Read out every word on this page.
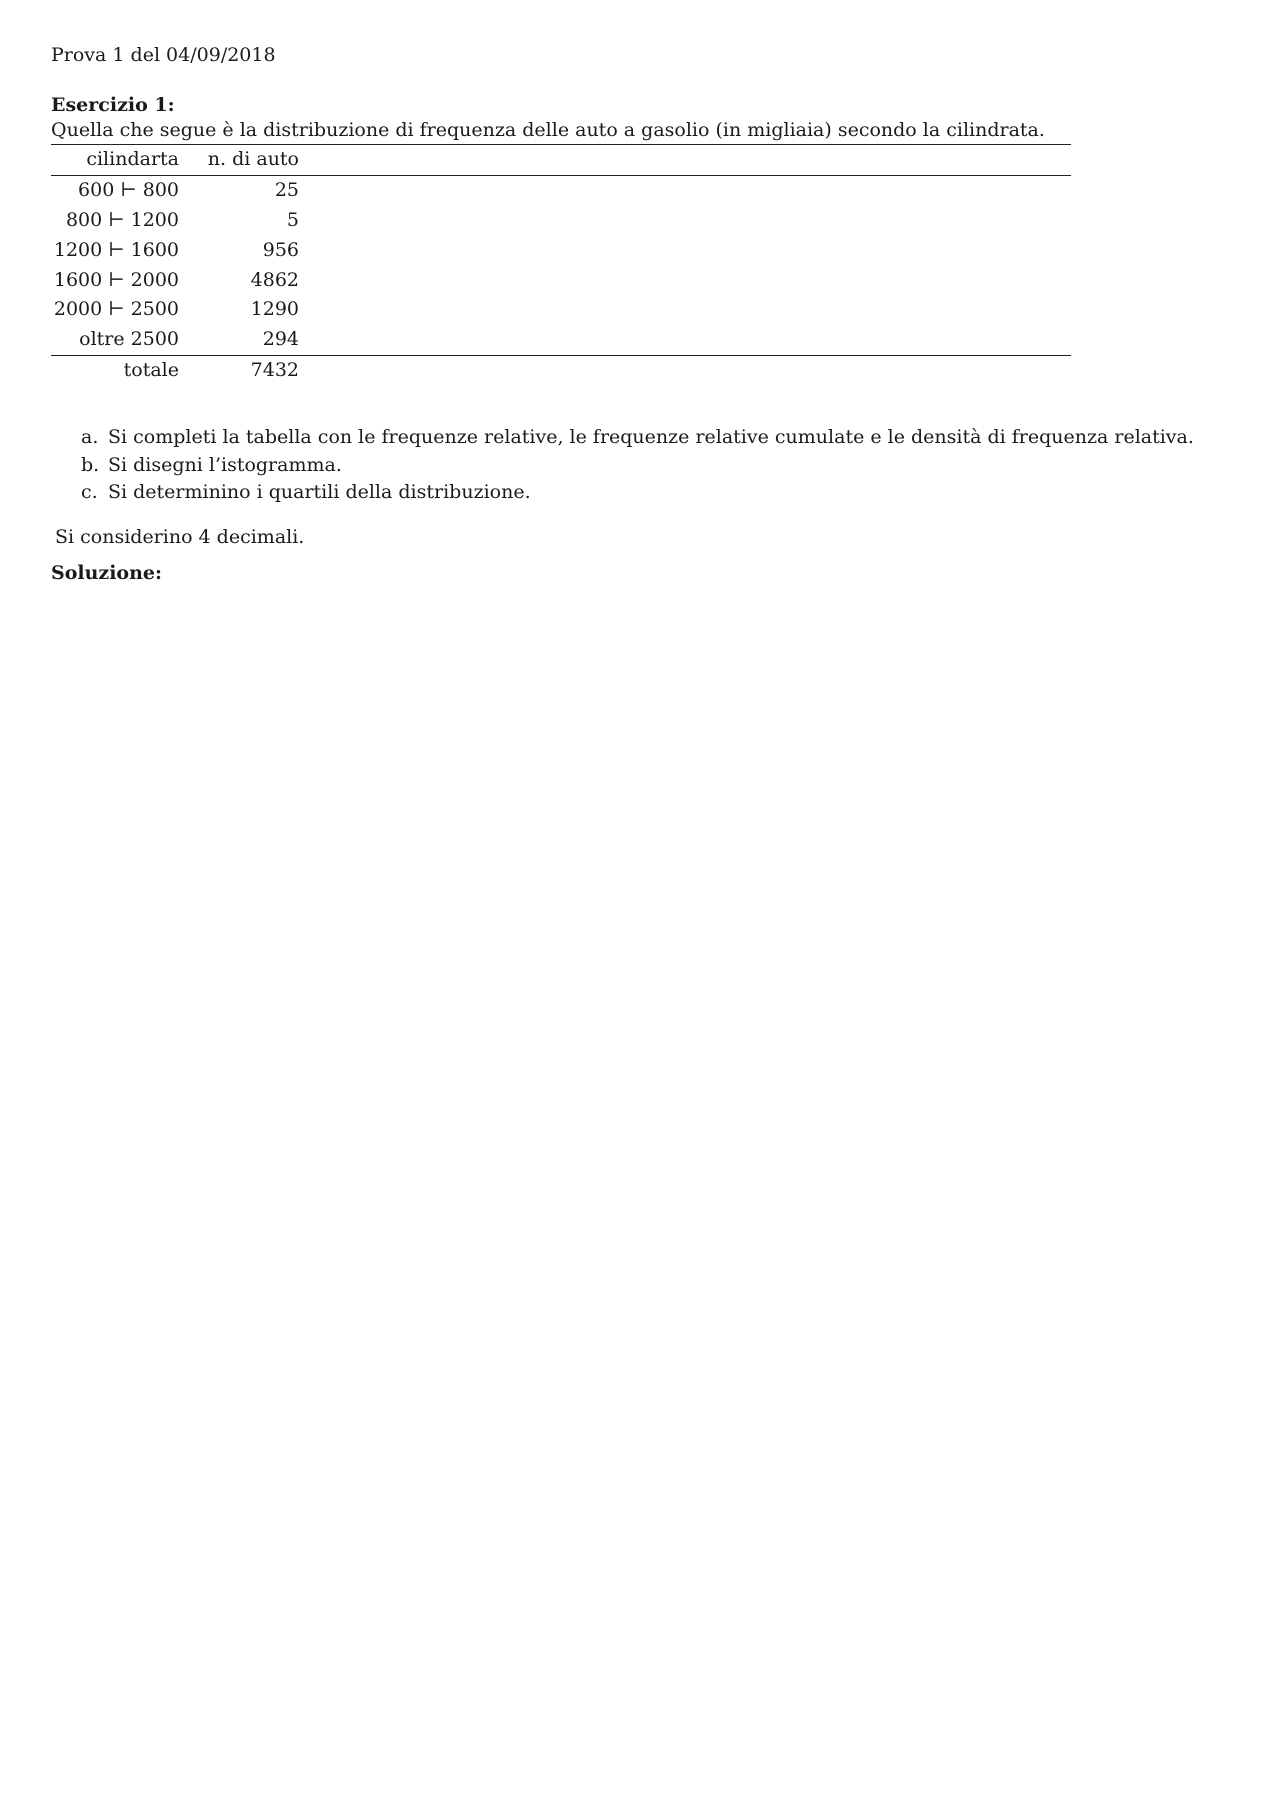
Prova 1 del 04/09/2018

Esercizio 1:

Quella che segue è la distribuzione di frequenza delle auto a gasolio (in migliaia) secondo la cilindrata.

cilindarta	n. di auto	
600 ⊢ 800	25	
800 ⊢ 1200	5	
1200 ⊢ 1600	956	
1600 ⊢ 2000	4862	
2000 ⊢ 2500	1290	
oltre 2500	294	
totale	7432	
a. Si completi la tabella con le frequenze relative, le frequenze relative cumulate e le densità di frequenza relativa.
b. Si disegni l’istogramma.
c. Si determinino i quartili della distribuzione.

Si considerino 4 decimali.

Soluzione:
